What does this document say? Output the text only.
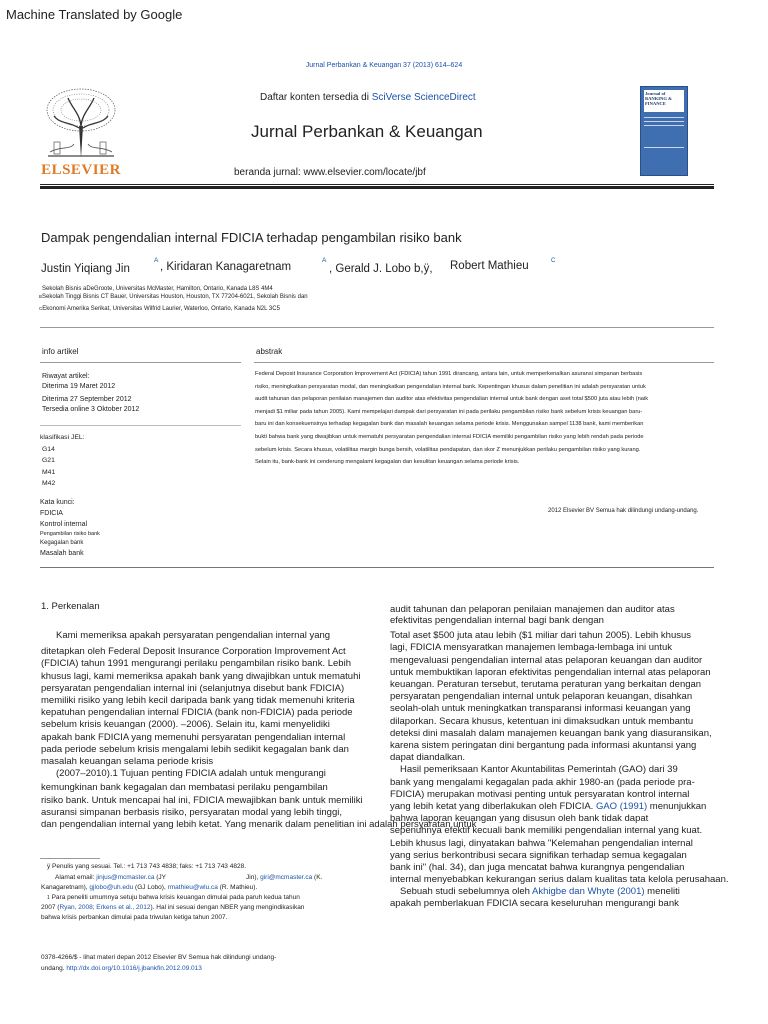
Machine Translated by Google
Jurnal Perbankan & Keuangan 37 (2013) 614–624
ELSEVIER
Daftar konten tersedia di SciVerse ScienceDirect
Jurnal Perbankan & Keuangan
beranda jurnal: www.elsevier.com/locate/jbf
Journal of BANKING & FINANCE
Dampak pengendalian internal FDICIA terhadap pengambilan risiko bank
Justin Yiqiang Jin
A
, Kiridaran Kanagaretnam
A
, Gerald J. Lobo b,ÿ, Robert Mathieu	C
Sekolah Bisnis aDeGroote, Universitas McMaster, Hamilton, Ontario, Kanada L8S 4M4
$^B$Sekolah Tinggi Bisnis CT Bauer, Universitas Houston, Houston, TX 77204-6021, Sekolah Bisnis dan
$^C$Ekonomi Amerika Serikat, Universitas Wilfrid Laurier, Waterloo, Ontario, Kanada N2L 3C5
info artikel
Riwayat artikel:
Diterima 19 Maret 2012
Diterima 27 September 2012
Tersedia online 3 Oktober 2012
klasifikasi JEL:
G14
G21
M41
M42
Kata kunci:
FDICIA
Kontrol internal
Pengambilan risiko bank
Kegagalan bank
Masalah bank
abstrak
Federal Deposit Insurance Corporation Improvement Act (FDICIA) tahun 1991 dirancang, antara lain, untuk memperkenalkan asuransi simpanan berbasis
risiko, meningkatkan persyaratan modal, dan meningkatkan pengendalian internal bank. Kepentingan khusus dalam penelitian ini adalah persyaratan untuk
audit tahunan dan pelaporan penilaian manajemen dan auditor atas efektivitas pengendalian internal untuk bank dengan aset total $500 juta atau lebih (naik
menjadi $1 miliar pada tahun 2005). Kami mempelajari dampak dari persyaratan ini pada perilaku pengambilan risiko bank sebelum krisis keuangan baru-
baru ini dan konsekuensinya terhadap kegagalan bank dan masalah keuangan selama periode krisis. Menggunakan sampel 1138 bank, kami memberikan
bukti bahwa bank yang diwajibkan untuk mematuhi persyaratan pengendalian internal FDICIA memiliki pengambilan risiko yang lebih rendah pada periode
sebelum krisis. Secara khusus, volatilitas margin bunga bersih, volatilitas pendapatan, dan skor Z menunjukkan perilaku pengambilan risiko yang kurang.
Selain itu, bank-bank ini cenderung mengalami kegagalan dan kesulitan keuangan selama periode krisis.
2012 Elsevier BV Semua hak dilindungi undang-undang.
1. Perkenalan
Kami memeriksa apakah persyaratan pengendalian internal yang
ditetapkan oleh Federal Deposit Insurance Corporation Improvement Act
(FDICIA) tahun 1991 mengurangi perilaku pengambilan risiko bank. Lebih
khusus lagi, kami memeriksa apakah bank yang diwajibkan untuk mematuhi
persyaratan pengendalian internal ini (selanjutnya disebut bank FDICIA)
memiliki risiko yang lebih kecil daripada bank yang tidak memenuhi kriteria
kepatuhan pengendalian internal FDICIA (bank non-FDICIA) pada periode
sebelum krisis keuangan (2000). –2006). Selain itu, kami menyelidiki
apakah bank FDICIA yang memenuhi persyaratan pengendalian internal
pada periode sebelum krisis mengalami lebih sedikit kegagalan bank dan
masalah keuangan selama periode krisis
(2007–2010).1 Tujuan penting FDICIA adalah untuk mengurangi
kemungkinan bank kegagalan dan membatasi perilaku pengambilan
risiko bank. Untuk mencapai hal ini, FDICIA mewajibkan bank untuk memiliki
asuransi simpanan berbasis risiko, persyaratan modal yang lebih tinggi,
dan pengendalian internal yang lebih ketat. Yang menarik dalam penelitian ini adalah persyaratan untuk
ÿ Penulis yang sesuai. Tel.: +1 713 743 4838; faks: +1 713 743 4828.
Alamat email: jinjus@mcmaster.ca (JY	Jin), giri@mcmaster.ca (K.
Kanagaretnam), gjlobo@uh.edu (GJ Lobo), rmathieu@wlu.ca (R. Mathieu).
$^1$ Para peneliti umumnya setuju bahwa krisis keuangan dimulai pada paruh kedua tahun
2007 (Ryan, 2008; Erkens et al., 2012). Hal ini sesuai dengan NBER yang mengindikasikan
bahwa krisis perbankan dimulai pada triwulan ketiga tahun 2007.
0378-4266/$ - lihat materi depan 2012 Elsevier BV Semua hak dilindungi undang-
undang. http://dx.doi.org/10.1016/j.jbankfin.2012.09.013
audit tahunan dan pelaporan penilaian manajemen dan auditor atas
efektivitas pengendalian internal bagi bank dengan
Total aset $500 juta atau lebih ($1 miliar dari tahun 2005). Lebih khusus
lagi, FDICIA mensyaratkan manajemen lembaga-lembaga ini untuk
mengevaluasi pengendalian internal atas pelaporan keuangan dan auditor
untuk membuktikan laporan efektivitas pengendalian internal atas pelaporan
keuangan. Peraturan tersebut, terutama peraturan yang berkaitan dengan
persyaratan pengendalian internal untuk pelaporan keuangan, disahkan
seolah-olah untuk meningkatkan transparansi informasi keuangan yang
dilaporkan. Secara khusus, ketentuan ini dimaksudkan untuk membantu
deteksi dini masalah dalam manajemen keuangan bank yang diasuransikan,
karena sistem peringatan dini bergantung pada informasi akuntansi yang
dapat diandalkan.
Hasil pemeriksaan Kantor Akuntabilitas Pemerintah (GAO) dari 39
bank yang mengalami kegagalan pada akhir 1980-an (pada periode pra-
FDICIA) merupakan motivasi penting untuk persyaratan kontrol internal
yang lebih ketat yang diberlakukan oleh FDICIA. GAO (1991) menunjukkan
bahwa laporan keuangan yang disusun oleh bank tidak dapat
sepenuhnya efektif kecuali bank memiliki pengendalian internal yang kuat.
Lebih khusus lagi, dinyatakan bahwa "Kelemahan pengendalian internal
yang serius berkontribusi secara signifikan terhadap semua kegagalan
bank ini" (hal. 34), dan juga mencatat bahwa kurangnya pengendalian
internal menyebabkan kekurangan serius dalam kualitas tata kelola perusahaan.
Sebuah studi sebelumnya oleh Akhigbe dan Whyte (2001) meneliti
apakah pemberlakuan FDICIA secara keseluruhan mengurangi bank
